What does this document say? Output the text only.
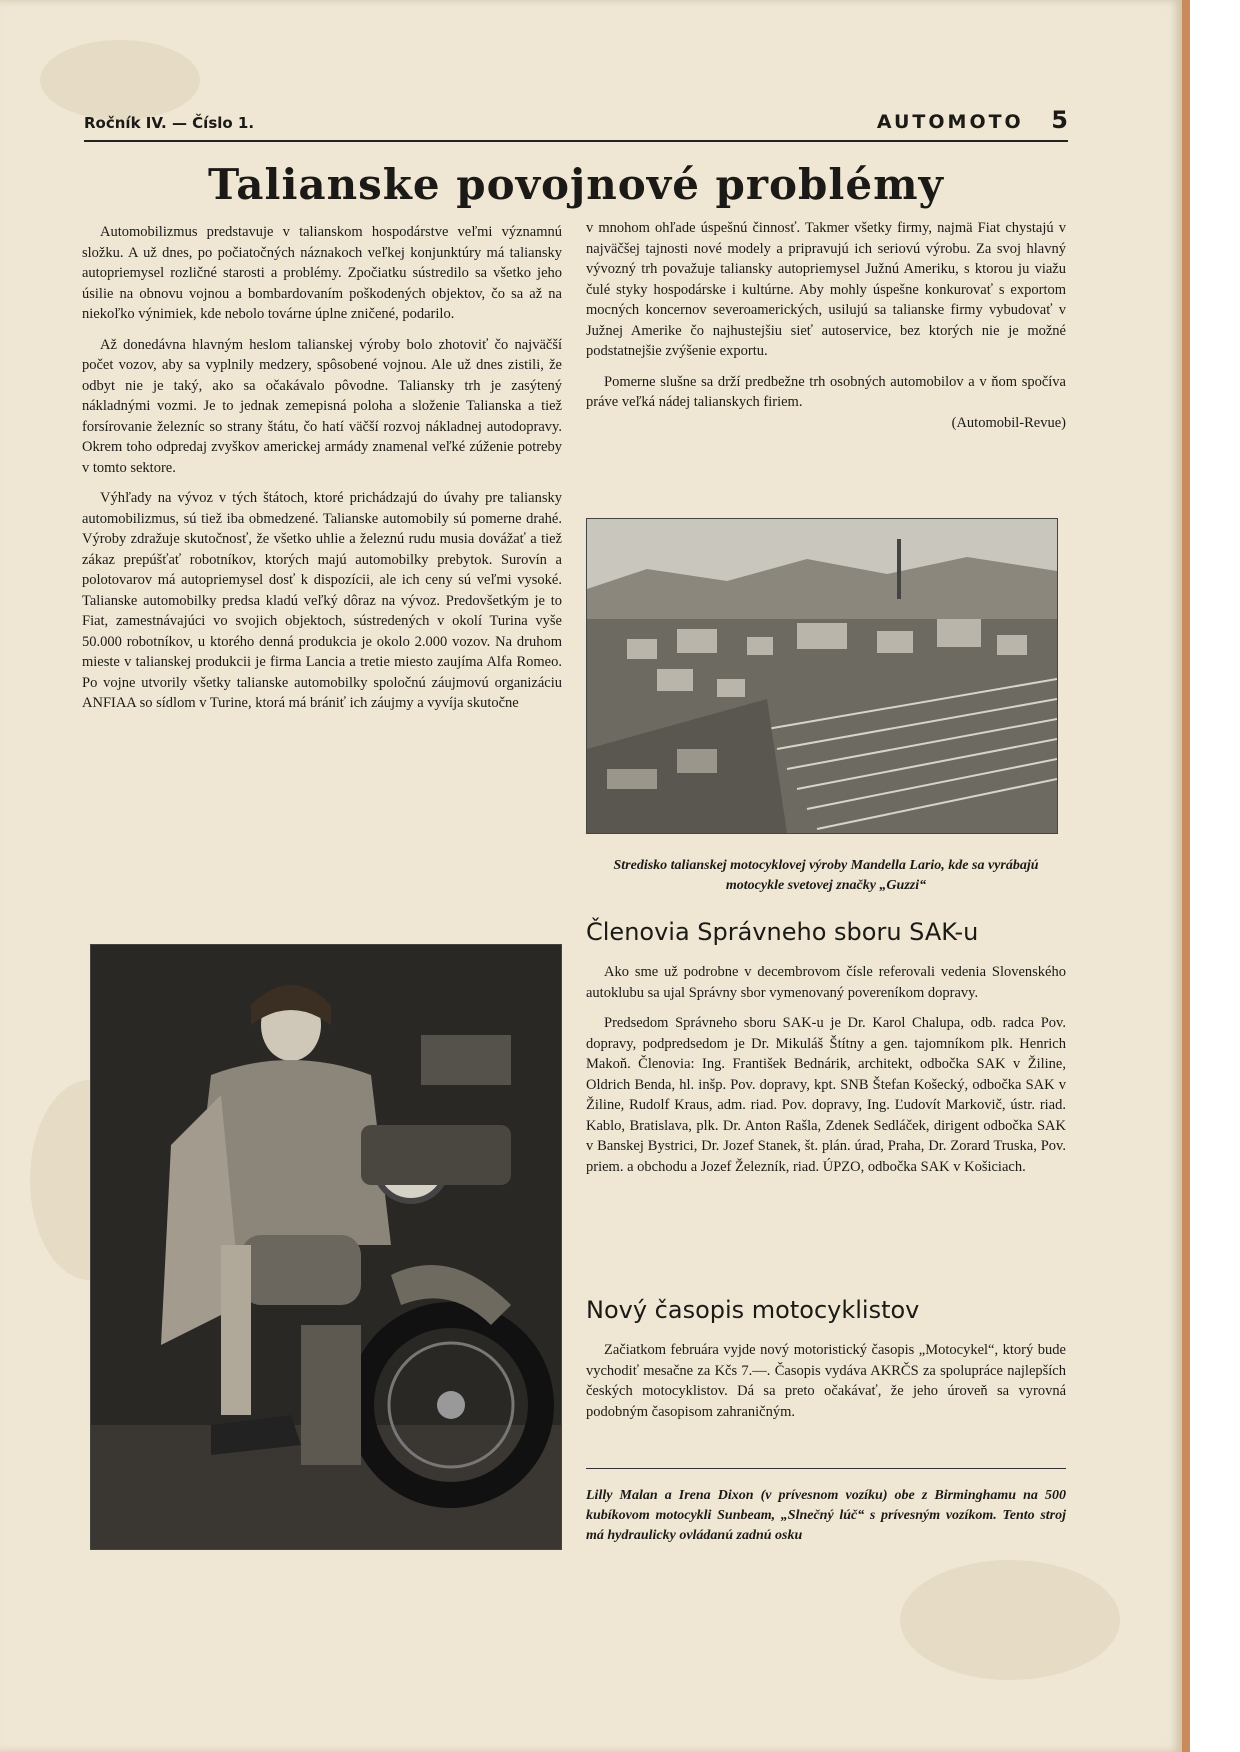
Ročník IV. — Číslo 1.	AUTOMOTO 5
Talianske povojnové problémy

Automobilizmus predstavuje v talianskom hospodárstve veľmi významnú složku. A už dnes, po počiatočných náznakoch veľkej konjunktúry má taliansky autopriemysel rozličné starosti a problémy. Zpočiatku sústredilo sa všetko jeho úsilie na obnovu vojnou a bombardovaním poškodených objektov, čo sa až na niekoľko výnimiek, kde nebolo továrne úplne zničené, podarilo.

Až donedávna hlavným heslom talianskej výroby bolo zhotoviť čo najväčší počet vozov, aby sa vyplnily medzery, spôsobené vojnou. Ale už dnes zistili, že odbyt nie je taký, ako sa očakávalo pôvodne. Taliansky trh je zasýtený nákladnými vozmi. Je to jednak zemepisná poloha a složenie Talianska a tiež forsírovanie železníc so strany štátu, čo hatí väčší rozvoj nákladnej autodopravy. Okrem toho odpredaj zvyškov americkej armády znamenal veľké zúženie potreby v tomto sektore.

Výhľady na vývoz v tých štátoch, ktoré prichádzajú do úvahy pre taliansky automobilizmus, sú tiež iba obmedzené. Talianske automobily sú pomerne drahé. Výroby zdražuje skutočnosť, že všetko uhlie a železnú rudu musia dovážať a tiež zákaz prepúšťať robotníkov, ktorých majú automobilky prebytok. Surovín a polotovarov má autopriemysel dosť k dispozícii, ale ich ceny sú veľmi vysoké. Talianske automobilky predsa kladú veľký dôraz na vývoz. Predovšetkým je to Fiat, zamestnávajúci vo svojich objektoch, sústredených v okolí Turina vyše 50.000 robotníkov, u ktorého denná produkcia je okolo 2.000 vozov. Na druhom mieste v talianskej produkcii je firma Lancia a tretie miesto zaujíma Alfa Romeo. Po vojne utvorily všetky talianske automobilky spoločnú záujmovú organizáciu ANFIAA so sídlom v Turine, ktorá má brániť ich záujmy a vyvíja skutočne

v mnohom ohľade úspešnú činnosť. Takmer všetky firmy, najmä Fiat chystajú v najväčšej tajnosti nové modely a pripravujú ich seriovú výrobu. Za svoj hlavný vývozný trh považuje taliansky autopriemysel Južnú Ameriku, s ktorou ju viažu čulé styky hospodárske i kultúrne. Aby mohly úspešne konkurovať s exportom mocných koncernov severoamerických, usilujú sa talianske firmy vybudovať v Južnej Amerike čo najhustejšiu sieť autoservice, bez ktorých nie je možné podstatnejšie zvýšenie exportu.

Pomerne slušne sa drží predbežne trh osobných automobilov a v ňom spočíva práve veľká nádej talianskych firiem.
(Automobil-Revue)

Stredisko talianskej motocyklovej výroby Mandella Lario, kde sa vyrábajú motocykle svetovej značky „Guzzi“
Členovia Správneho sboru SAK-u

Ako sme už podrobne v decembrovom čísle referovali vedenia Slovenského autoklubu sa ujal Správny sbor vymenovaný povereníkom dopravy.

Predsedom Správneho sboru SAK-u je Dr. Karol Chalupa, odb. radca Pov. dopravy, podpredsedom je Dr. Mikuláš Štítny a gen. tajomníkom plk. Henrich Makoň. Členovia: Ing. František Bednárik, architekt, odbočka SAK v Žiline, Oldrich Benda, hl. inšp. Pov. dopravy, kpt. SNB Štefan Košecký, odbočka SAK v Žiline, Rudolf Kraus, adm. riad. Pov. dopravy, Ing. Ľudovít Markovič, ústr. riad. Kablo, Bratislava, plk. Dr. Anton Rašla, Zdenek Sedláček, dirigent odbočka SAK v Banskej Bystrici, Dr. Jozef Stanek, št. plán. úrad, Praha, Dr. Zorard Truska, Pov. priem. a obchodu a Jozef Železník, riad. ÚPZO, odbočka SAK v Košiciach.

Nový časopis motocyklistov

Začiatkom februára vyjde nový motoristický časopis „Motocykel“, ktorý bude vychodiť mesačne za Kčs 7.—. Časopis vydáva AKRČS za spolupráce najlepších českých motocyklistov. Dá sa preto očakávať, že jeho úroveň sa vyrovná podobným časopisom zahraničným.

Lilly Malan a Irena Dixon (v prívesnom vozíku) obe z Birminghamu na 500 kubíkovom motocykli Sunbeam, „Slnečný lúč“ s prívesným vozíkom. Tento stroj má hydraulicky ovládanú zadnú osku
